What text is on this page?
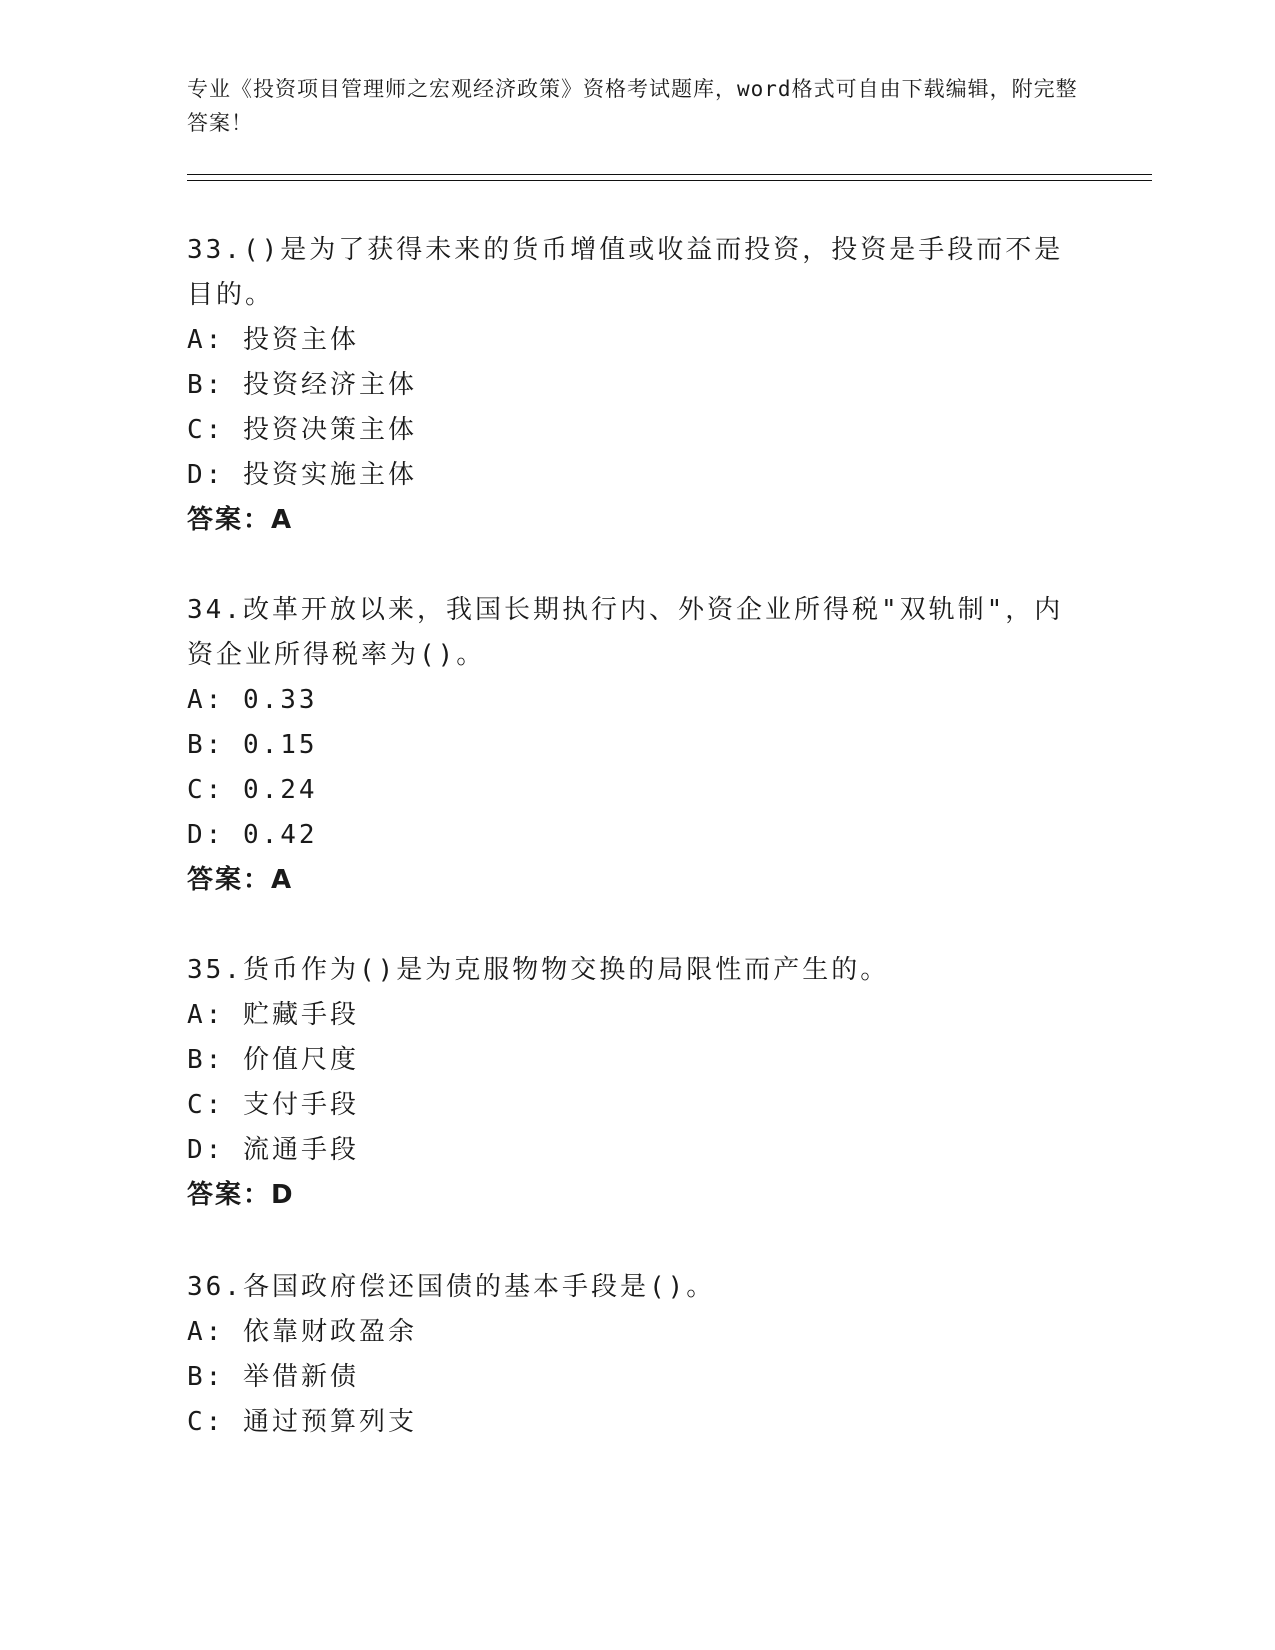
专业《投资项目管理师之宏观经济政策》资格考试题库，word格式可自由下载编辑，附完整答案！
33.()是为了获得未来的货币增值或收益而投资，投资是手段而不是目的。
A: 投资主体
B: 投资经济主体
C: 投资决策主体
D: 投资实施主体
答案：A
34.改革开放以来，我国长期执行内、外资企业所得税"双轨制"，内资企业所得税率为()。
A: 0.33
B: 0.15
C: 0.24
D: 0.42
答案：A
35.货币作为()是为克服物物交换的局限性而产生的。
A: 贮藏手段
B: 价值尺度
C: 支付手段
D: 流通手段
答案：D
36.各国政府偿还国债的基本手段是()。
A: 依靠财政盈余
B: 举借新债
C: 通过预算列支
